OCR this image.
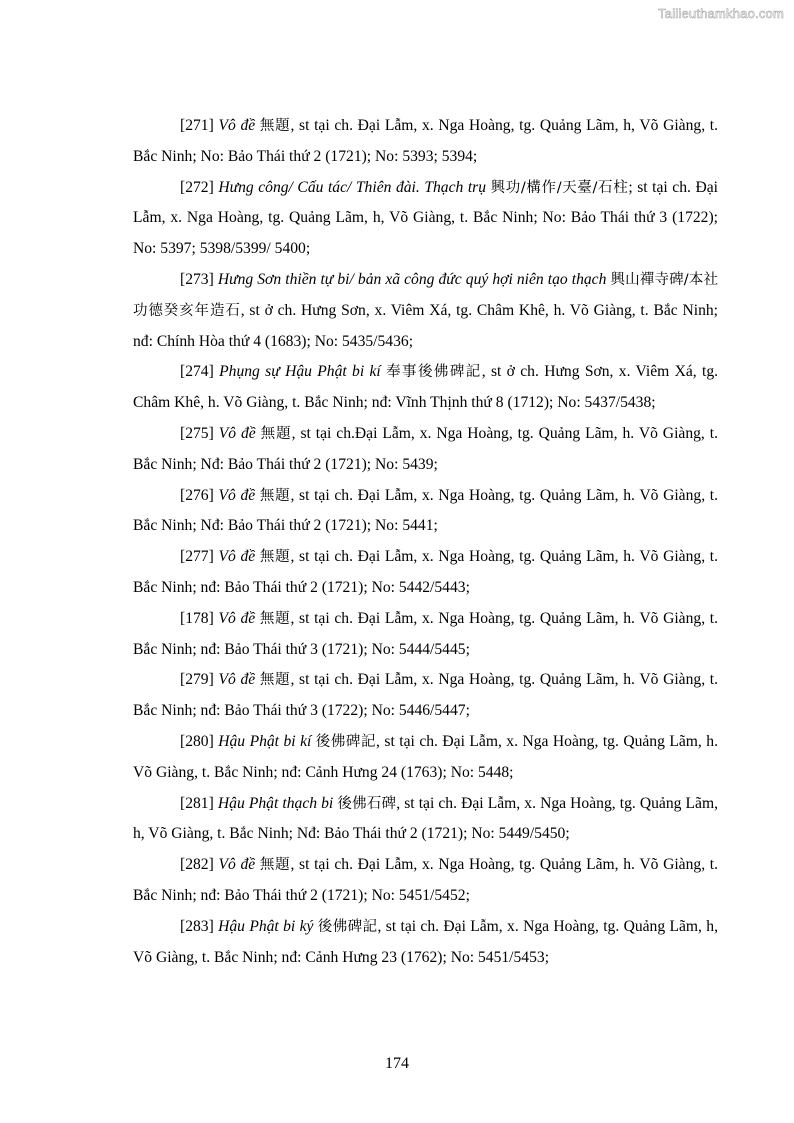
Tailieuthamkhao.com

[271] Vô đề 無題, st tại ch. Đại Lẫm, x. Nga Hoàng, tg. Quảng Lãm, h, Võ Giàng, t. Bắc Ninh; No: Bảo Thái thứ 2 (1721); No: 5393; 5394;

[272] Hưng công/ Cấu tác/ Thiên đài. Thạch trụ 興功/構作/天臺/石柱; st tại ch. Đại Lẫm, x. Nga Hoàng, tg. Quảng Lãm, h, Võ Giàng, t. Bắc Ninh; No: Bảo Thái thứ 3 (1722); No: 5397; 5398/5399/ 5400;

[273] Hưng Sơn thiền tự bi/ bản xã công đức quý hợi niên tạo thạch 興山禪寺碑/本社功德癸亥年造石, st ở ch. Hưng Sơn, x. Viêm Xá, tg. Châm Khê, h. Võ Giàng, t. Bắc Ninh; nđ: Chính Hòa thứ 4 (1683); No: 5435/5436;

[274] Phụng sự Hậu Phật bi kí 奉事後佛碑記, st ở ch. Hưng Sơn, x. Viêm Xá, tg. Châm Khê, h. Võ Giàng, t. Bắc Ninh; nđ: Vĩnh Thịnh thứ 8 (1712); No: 5437/5438;

[275] Vô đề 無題, st tại ch.Đại Lẫm, x. Nga Hoàng, tg. Quảng Lãm, h. Võ Giàng, t. Bắc Ninh; Nđ: Bảo Thái thứ 2 (1721); No: 5439;

[276] Vô đề 無題, st tại ch. Đại Lẫm, x. Nga Hoàng, tg. Quảng Lãm, h. Võ Giàng, t. Bắc Ninh; Nđ: Bảo Thái thứ 2 (1721); No: 5441;

[277] Vô đề 無題, st tại ch. Đại Lẫm, x. Nga Hoàng, tg. Quảng Lãm, h. Võ Giàng, t. Bắc Ninh; nđ: Bảo Thái thứ 2 (1721); No: 5442/5443;

[178] Vô đề 無題, st tại ch. Đại Lẫm, x. Nga Hoàng, tg. Quảng Lãm, h. Võ Giàng, t. Bắc Ninh; nđ: Bảo Thái thứ 3 (1721); No: 5444/5445;

[279] Vô đề 無題, st tại ch. Đại Lẫm, x. Nga Hoàng, tg. Quảng Lãm, h. Võ Giàng, t. Bắc Ninh; nđ: Bảo Thái thứ 3 (1722); No: 5446/5447;

[280] Hậu Phật bi kí 後佛碑記, st tại ch. Đại Lẫm, x. Nga Hoàng, tg. Quảng Lãm, h. Võ Giàng, t. Bắc Ninh; nđ: Cảnh Hưng 24 (1763); No: 5448;

[281] Hậu Phật thạch bi 後佛石碑, st tại ch. Đại Lẫm, x. Nga Hoàng, tg. Quảng Lãm, h, Võ Giàng, t. Bắc Ninh; Nđ: Bảo Thái thứ 2 (1721); No: 5449/5450;

[282] Vô đề 無題, st tại ch. Đại Lẫm, x. Nga Hoàng, tg. Quảng Lãm, h. Võ Giàng, t. Bắc Ninh; nđ: Bảo Thái thứ 2 (1721); No: 5451/5452;

[283] Hậu Phật bi ký 後佛碑記, st tại ch. Đại Lẫm, x. Nga Hoàng, tg. Quảng Lãm, h, Võ Giàng, t. Bắc Ninh; nđ: Cảnh Hưng 23 (1762); No: 5451/5453;

174
